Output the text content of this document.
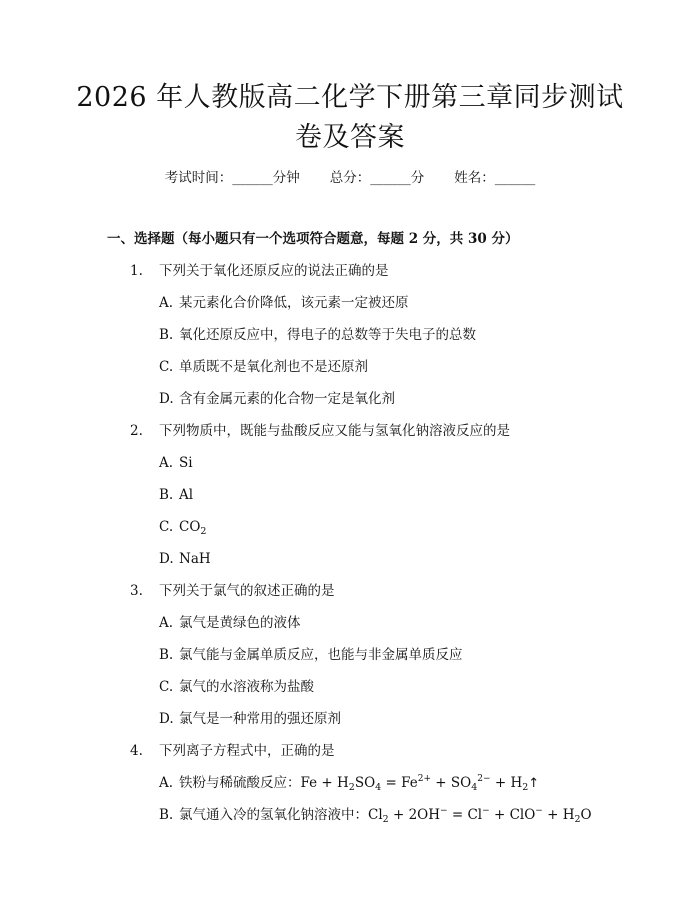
2026 年人教版高二化学下册第三章同步测试
卷及答案
考试时间：______分钟 总分：______分 姓名：______
一、选择题（每小题只有一个选项符合题意，每题 2 分，共 30 分）
1.	下列关于氧化还原反应的说法正确的是
A. 某元素化合价降低，该元素一定被还原
B. 氧化还原反应中，得电子的总数等于失电子的总数
C. 单质既不是氧化剂也不是还原剂
D. 含有金属元素的化合物一定是氧化剂
2.	下列物质中，既能与盐酸反应又能与氢氧化钠溶液反应的是
A. Si
B. Al
C. $CO_2$
D. NaH
3.	下列关于氯气的叙述正确的是
A. 氯气是黄绿色的液体
B. 氯气能与金属单质反应，也能与非金属单质反应
C. 氯气的水溶液称为盐酸
D. 氯气是一种常用的强还原剂
4.	下列离子方程式中，正确的是
A. 铁粉与稀硫酸反应：$Fe + H_2SO_4 = Fe^{2+} + SO_4^{2-}$ + $H_2↑$
B. 氯气通入冷的氢氧化钠溶液中：$Cl_2 + 2OH^- = Cl^- + ClO^- + H_2O$
